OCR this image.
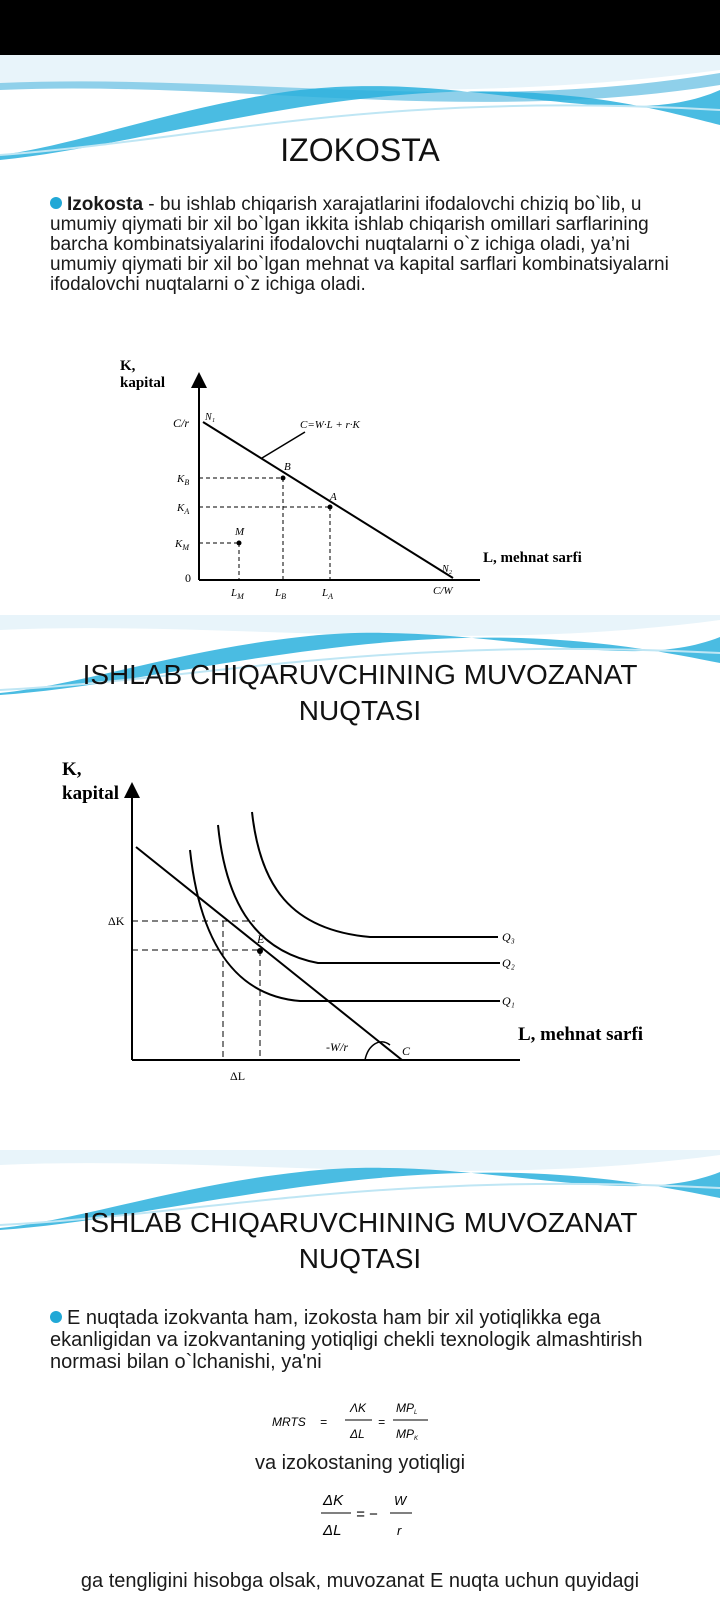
IZOKOSTA
Izokosta - bu ishlab chiqarish xarajatlarini ifodalovchi chiziq bo`lib, u umumiy qiymati bir xil bo`lgan ikkita ishlab chiqarish omillari sarflarining barcha kombinatsiyalarini ifodalovchi nuqtalarni o`z ichiga oladi, ya’ni umumiy qiymati bir xil bo`lgan mehnat va kapital sarflari kombinatsiyalarni ifodalovchi nuqtalarni o`z ichiga oladi.
K,
kapital
L, mehnat sarfi
C/r N₁
C=W·L + r·K
B
A
M
$K_B$
$K_A$
$K_M$
0
N₂
$L_M$	$L_B$	$L_A$	C/W
ISHLAB CHIQARUVCHINING MUVOZANAT NUQTASI
K,
kapital
L, mehnat sarfi
ΔK
E	Q₃
Q₂
Q₁
-W/r	C
ΔL
ISHLAB CHIQARUVCHINING MUVOZANAT NUQTASI
E nuqtada izokvanta ham, izokosta ham bir xil yotiqlikka ega ekanligidan va izokvantaning yotiqligi chekli texnologik almashtirish normasi bilan o`lchanishi, ya'ni
MRTS =
ΛK
ΔL
=
MPL
MPK
va izokostaning yotiqligi
ΔK
ΔL
= −
W
r
ga tengligini hisobga olsak, muvozanat E nuqta uchun quyidagi
